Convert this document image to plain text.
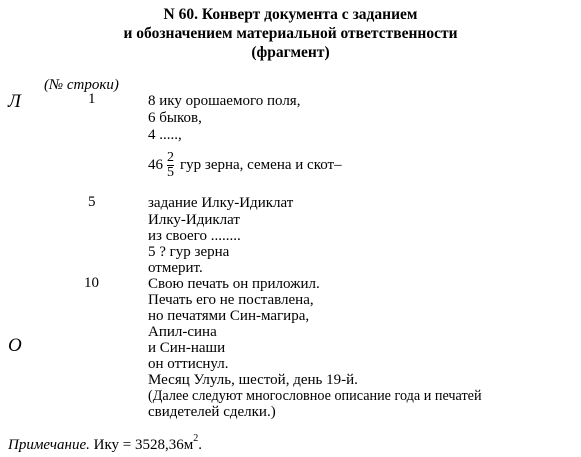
N 60. Конверт документа с заданием
и обозначением материальной ответственности
(фрагмент)
(№ строки)
Л
О
1
5
10
8 ику орошаемого поля,
6 быков,
4 .....,
$46 \frac{2}{5}$ гур зерна, семена и скот–
задание Илку-Идиклат
Илку-Идиклат
из своего ........
5 ? гур зерна
отмерит.
Свою печать он приложил.
Печать его не поставлена,
но печатями Син-магира,
Апил-сина
и Син-наши
он оттиснул.
Месяц Улуль, шестой, день 19-й.
(Далее следуют многословное описание года и печатей
свидетелей сделки.)
Примечание. Ику = $3528,36м^2$.
